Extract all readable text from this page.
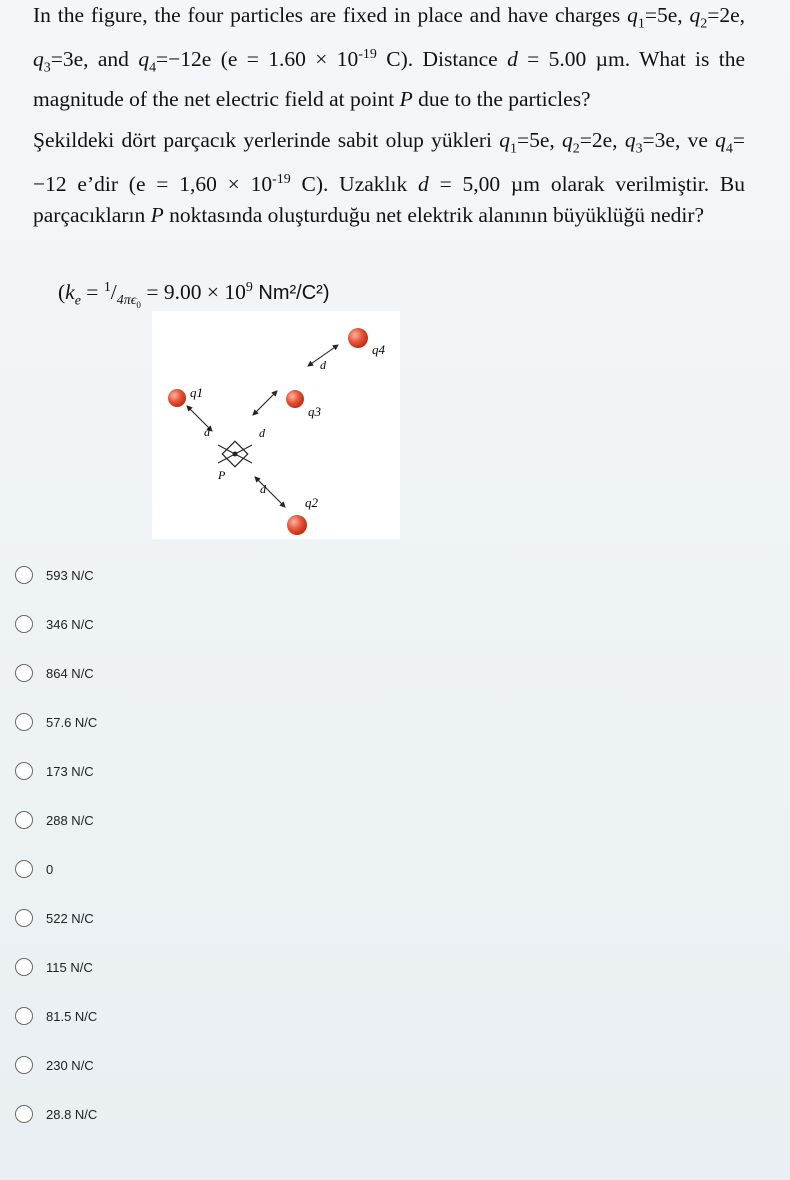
In the figure, the four particles are fixed in place and have charges $q_1=5e$, $q_2=2e$, $q_3=3e$, and $q_4=-12e$ ($e = 1.60 \times 10^{-19}$ C). Distance d = 5.00 µm. What is the magnitude of the net electric field at point P due to the particles?

Şekildeki dört parçacık yerlerinde sabit olup yükleri $q_1=5e$, $q_2=2e$, $q_3=3e$, ve $q_4= -12$ e’dir ($e = 1,60 \times 10^{-19}$ C). Uzaklık d = 5,00 µm olarak verilmiştir. Bu parçacıkların P noktasında oluşturduğu net elektrik alanının büyüklüğü nedir?

($k_e = ^1/_{4\pi\epsilon_0} = 9.00 \times 10^9$ Nm²/C²)
q1
q3
q4
q2
d	d
d
d
P
593 N/C
346 N/C
864 N/C
57.6 N/C
173 N/C
288 N/C
0
522 N/C
115 N/C
81.5 N/C
230 N/C
28.8 N/C
